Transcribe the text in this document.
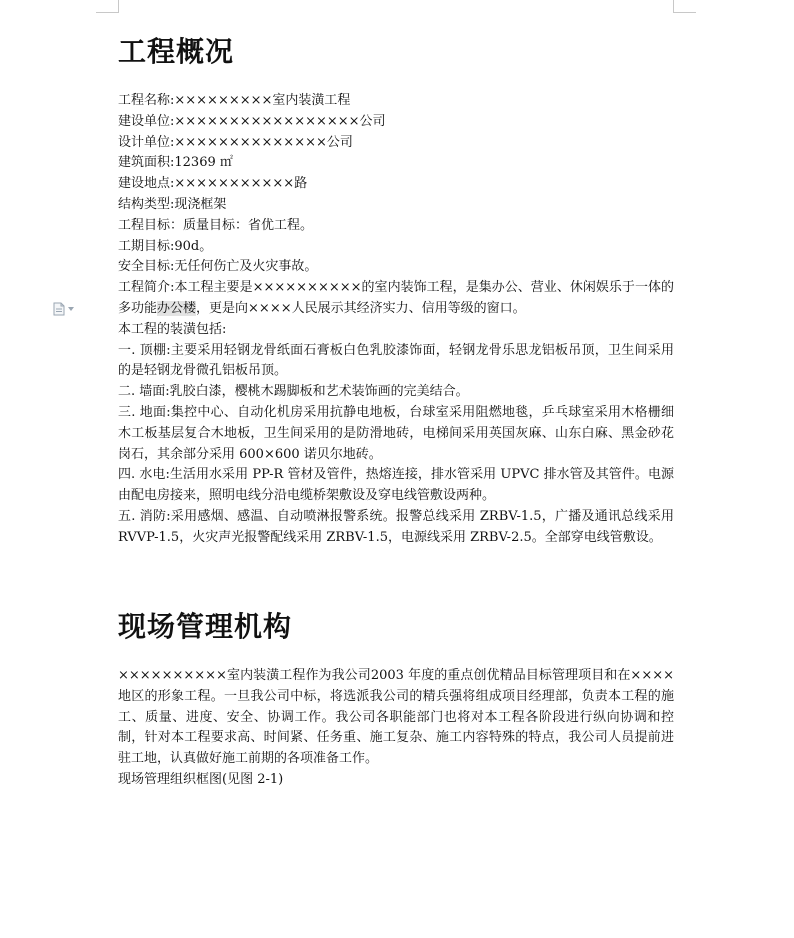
工程概况
工程名称:×××××××××室内装潢工程
建设单位:×××××××××××××××××公司
设计单位:××××××××××××××公司
建筑面积:12369 ㎡
建设地点:×××××××××××路
结构类型:现浇框架
工程目标：质量目标：省优工程。
工期目标:90d。
安全目标:无任何伤亡及火灾事故。
工程简介:本工程主要是××××××××××的室内装饰工程，是集办公、营业、休闲娱乐于一体的多功能办公楼，更是向××××人民展示其经济实力、信用等级的窗口。
本工程的装潢包括:
一. 顶棚:主要采用轻钢龙骨纸面石膏板白色乳胶漆饰面，轻钢龙骨乐思龙铝板吊顶，卫生间采用的是轻钢龙骨微孔铝板吊顶。
二. 墙面:乳胶白漆，樱桃木踢脚板和艺术装饰画的完美结合。
三. 地面:集控中心、自动化机房采用抗静电地板，台球室采用阻燃地毯，乒乓球室采用木格栅细木工板基层复合木地板，卫生间采用的是防滑地砖，电梯间采用英国灰麻、山东白麻、黑金砂花岗石，其余部分采用 600×600 诺贝尔地砖。
四. 水电:生活用水采用 PP-R 管材及管件，热熔连接，排水管采用 UPVC 排水管及其管件。电源由配电房接来，照明电线分沿电缆桥架敷设及穿电线管敷设两种。
五. 消防:采用感烟、感温、自动喷淋报警系统。报警总线采用 ZRBV-1.5，广播及通讯总线采用 RVVP-1.5，火灾声光报警配线采用 ZRBV-1.5，电源线采用 ZRBV-2.5。全部穿电线管敷设。
现场管理机构
××××××××××室内装潢工程作为我公司2003 年度的重点创优精品目标管理项目和在××××地区的形象工程。一旦我公司中标，将选派我公司的精兵强将组成项目经理部，负责本工程的施工、质量、进度、安全、协调工作。我公司各职能部门也将对本工程各阶段进行纵向协调和控制，针对本工程要求高、时间紧、任务重、施工复杂、施工内容特殊的特点，我公司人员提前进驻工地，认真做好施工前期的各项准备工作。
现场管理组织框图(见图 2-1)
